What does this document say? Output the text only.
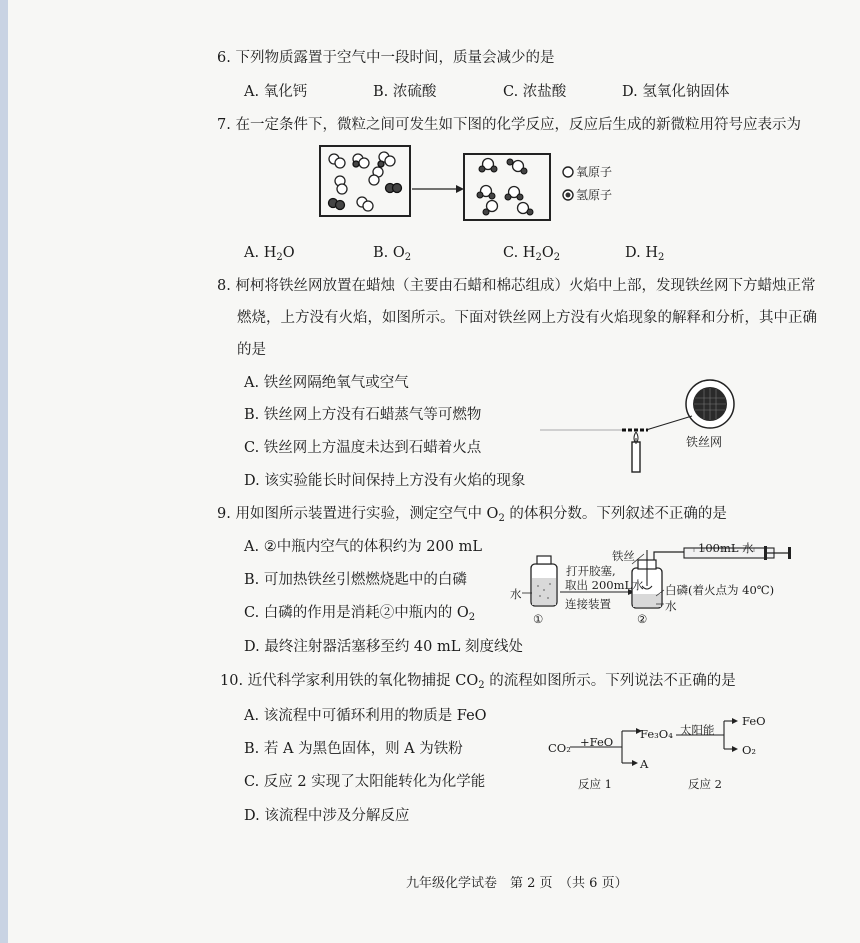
6. 下列物质露置于空气中一段时间，质量会减少的是
A. 氧化钙	B. 浓硫酸	C. 浓盐酸	D. 氢氧化钠固体
7. 在一定条件下，微粒之间可发生如下图的化学反应，反应后生成的新微粒用符号应表示为
氧原子
氢原子
A. $H_2O$	B. $O_2$	C. $H_2O_2$	D. $H_2$
8. 柯柯将铁丝网放置在蜡烛（主要由石蜡和棉芯组成）火焰中上部，发现铁丝网下方蜡烛正常
燃烧，上方没有火焰，如图所示。下面对铁丝网上方没有火焰现象的解释和分析，其中正确
的是
A. 铁丝网隔绝氧气或空气
B. 铁丝网上方没有石蜡蒸气等可燃物
C. 铁丝网上方温度未达到石蜡着火点
D. 该实验能长时间保持上方没有火焰的现象
铁丝网
9. 用如图所示装置进行实验，测定空气中 $O_2$ 的体积分数。下列叙述不正确的是
A. ②中瓶内空气的体积约为 200 mL
B. 可加热铁丝引燃燃烧匙中的白磷
C. 白磷的作用是消耗②中瓶内的 $O_2$
D. 最终注射器活塞移至约 40 mL 刻度线处
100mL 水
铁丝
打开胶塞,
取出 200mL水
连接装置
水
①	②
白磷(着火点为 40℃)
水
10. 近代科学家利用铁的氧化物捕捉 $CO_2$ 的流程如图所示。下列说法不正确的是
A. 该流程中可循环利用的物质是 FeO
B. 若 A 为黑色固体，则 A 为铁粉
C. 反应 2 实现了太阳能转化为化学能
D. 该流程中涉及分解反应
CO₂ +FeO
Fe₃O₄
A
太阳能
FeO
O₂
反应 1	反应 2
九年级化学试卷　第 2 页　（共 6 页）
